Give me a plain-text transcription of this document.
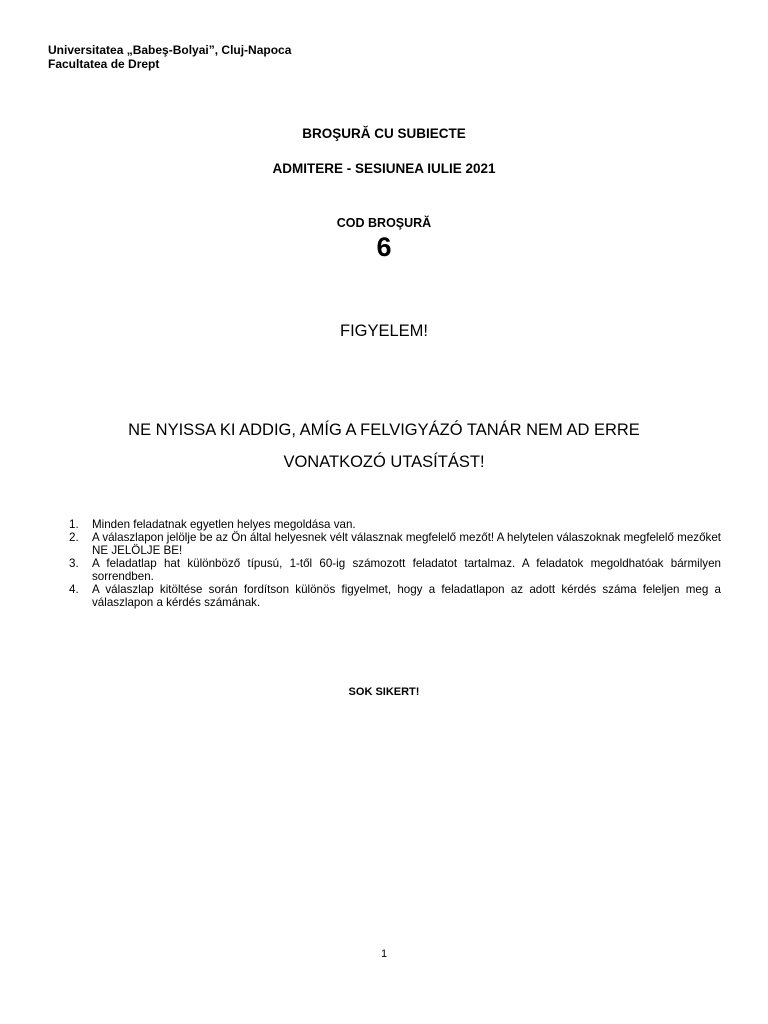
Universitatea „Babeş-Bolyai”, Cluj-Napoca
Facultatea de Drept
BROŞURĂ CU SUBIECTE
ADMITERE - SESIUNEA IULIE 2021
COD BROŞURĂ
6
FIGYELEM!
NE NYISSA KI ADDIG, AMÍG A FELVIGYÁZÓ TANÁR NEM AD ERRE
VONATKOZÓ UTASÍTÁST!
1.	Minden feladatnak egyetlen helyes megoldása van.
2.	A válaszlapon jelölje be az Ön által helyesnek vélt válasznak megfelelő mezőt! A helytelen válaszoknak megfelelő mezőket NE JELÖLJE BE!
3.	A feladatlap hat különböző típusú, 1-től 60-ig számozott feladatot tartalmaz. A feladatok megoldhatóak bármilyen sorrendben.
4.	A válaszlap kitöltése során fordítson különös figyelmet, hogy a feladatlapon az adott kérdés száma feleljen meg a válaszlapon a kérdés számának.
SOK SIKERT!
1
